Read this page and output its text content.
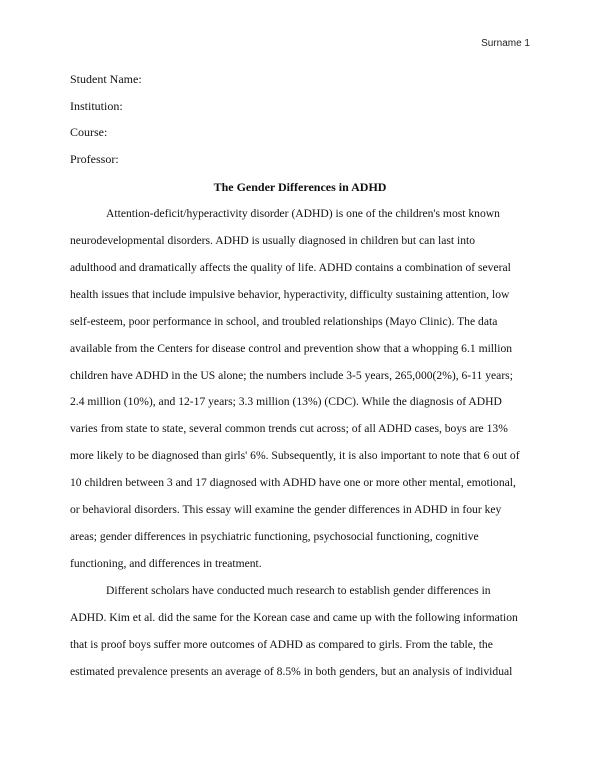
Surname 1
Student Name:
Institution:
Course:
Professor:
The Gender Differences in ADHD
Attention-deficit/hyperactivity disorder (ADHD) is one of the children's most known
neurodevelopmental disorders. ADHD is usually diagnosed in children but can last into
adulthood and dramatically affects the quality of life. ADHD contains a combination of several
health issues that include impulsive behavior, hyperactivity, difficulty sustaining attention, low
self-esteem, poor performance in school, and troubled relationships (Mayo Clinic). The data
available from the Centers for disease control and prevention show that a whopping 6.1 million
children have ADHD in the US alone; the numbers include 3-5 years, 265,000(2%), 6-11 years;
2.4 million (10%), and 12-17 years; 3.3 million (13%) (CDC). While the diagnosis of ADHD
varies from state to state, several common trends cut across; of all ADHD cases, boys are 13%
more likely to be diagnosed than girls' 6%. Subsequently, it is also important to note that 6 out of
10 children between 3 and 17 diagnosed with ADHD have one or more other mental, emotional,
or behavioral disorders. This essay will examine the gender differences in ADHD in four key
areas; gender differences in psychiatric functioning, psychosocial functioning, cognitive
functioning, and differences in treatment.
Different scholars have conducted much research to establish gender differences in
ADHD. Kim et al. did the same for the Korean case and came up with the following information
that is proof boys suffer more outcomes of ADHD as compared to girls. From the table, the
estimated prevalence presents an average of 8.5% in both genders, but an analysis of individual
